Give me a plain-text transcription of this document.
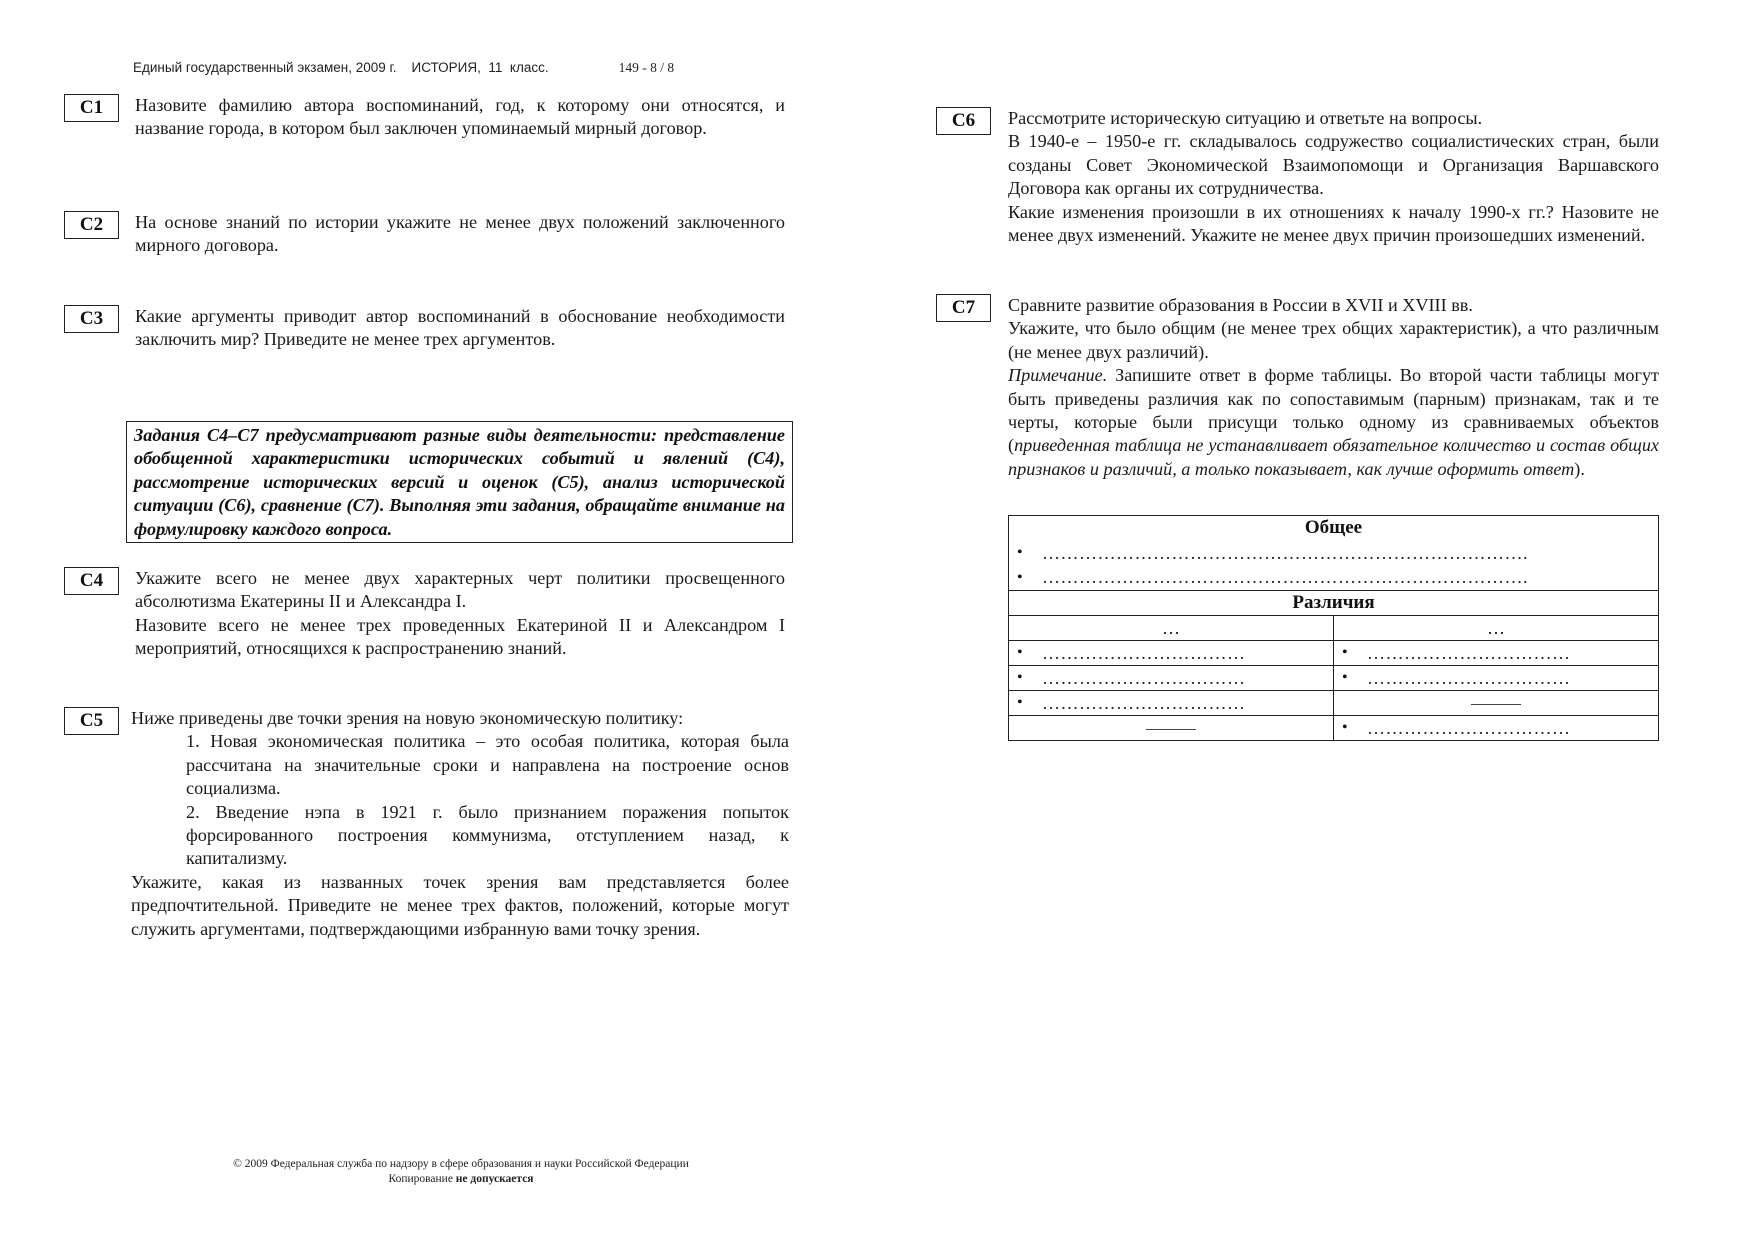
Единый государственный экзамен, 2009 г.    ИСТОРИЯ,  11  класс.	149 - 8 / 8
C1	Назовите фамилию автора воспоминаний, год, к которому они относятся, и название города, в котором был заключен упоминаемый мирный договор.

C2	На основе знаний по истории укажите не менее двух положений заключенного мирного договора.

C3	Какие аргументы приводит автор воспоминаний в обоснование необходимости заключить мир? Приведите не менее трех аргументов.

Задания С4–С7 предусматривают разные виды деятельности: представление обобщенной характеристики исторических событий и явлений (С4), рассмотрение исторических версий и оценок (С5), анализ исторической ситуации (С6), сравнение (С7). Выполняя эти задания, обращайте внимание на формулировку каждого вопроса.
C4	Укажите всего не менее двух характерных черт политики просвещенного абсолютизма Екатерины II и Александра I.

Назовите всего не менее трех проведенных Екатериной II и Александром I мероприятий, относящихся к распространению знаний.

C5	Ниже приведены две точки зрения на новую экономическую политику:

1. Новая экономическая политика – это особая политика, которая была рассчитана на значительные сроки и направлена на построение основ социализма.

2. Введение нэпа в 1921 г. было признанием поражения попыток форсированного построения коммунизма, отступлением назад, к капитализму.

Укажите, какая из названных точек зрения вам представляется более предпочтительной. Приведите не менее трех фактов, положений, которые могут служить аргументами, подтверждающими избранную вами точку зрения.

C6	Рассмотрите историческую ситуацию и ответьте на вопросы.

В 1940-е – 1950-е гг. складывалось содружество социалистических стран, были созданы Совет Экономической Взаимопомощи и Организация Варшавского Договора как органы их сотрудничества.

Какие изменения произошли в их отношениях к началу 1990-х гг.? Назовите не менее двух изменений. Укажите не менее двух причин произошедших изменений.

C7	Сравните развитие образования в России в XVII и XVIII вв.

Укажите, что было общим (не менее трех общих характеристик), а что различным (не менее двух различий).

Примечание. Запишите ответ в форме таблицы. Во второй части таблицы могут быть приведены различия как по сопоставимым (парным) признакам, так и те черты, которые были присущи только одному из сравниваемых объектов (приведенная таблица не устанавливает обязательное количество и состав общих признаков и различий, а только показывает, как лучше оформить ответ).

Общее	

• …………………………………………………………………….	

• …………………………………………………………………….	

Различия	
…	…

• ……………………………	• ……………………………

• ……………………………	• ……………………………

• ……………………………	

	• ……………………………
© 2009 Федеральная служба по надзору в сфере образования и науки Российской Федерации
Копирование не допускается
